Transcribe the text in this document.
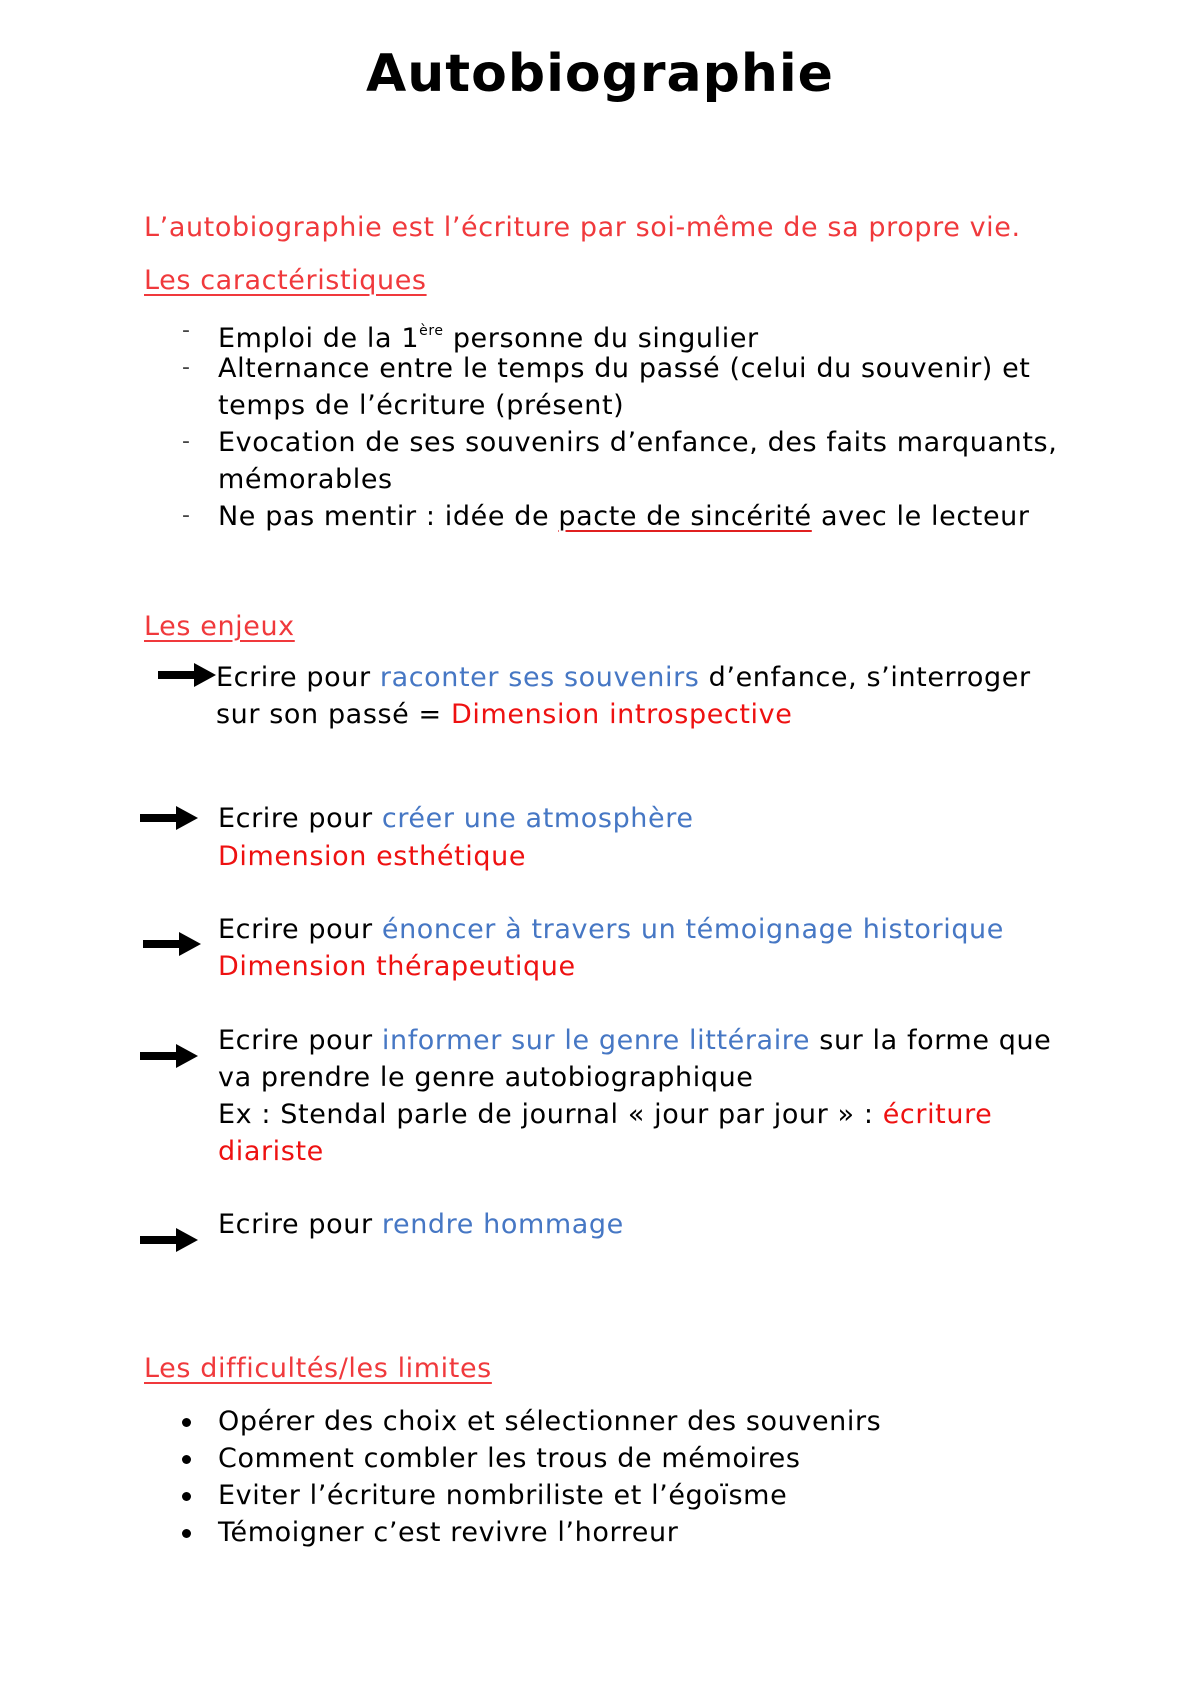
Autobiographie
L’autobiographie est l’écriture par soi-même de sa propre vie.
Les caractéristiques
- Emploi de la 1ère personne du singulier
- Alternance entre le temps du passé (celui du souvenir) et
temps de l’écriture (présent)
- Evocation de ses souvenirs d’enfance, des faits marquants,
mémorables
- Ne pas mentir : idée de pacte de sincérité avec le lecteur
Les enjeux
Ecrire pour raconter ses souvenirs d’enfance, s’interroger
sur son passé = Dimension introspective
Ecrire pour créer une atmosphère
Dimension esthétique
Ecrire pour énoncer à travers un témoignage historique
Dimension thérapeutique
Ecrire pour informer sur le genre littéraire sur la forme que
va prendre le genre autobiographique
Ex : Stendal parle de journal « jour par jour » : écriture
diariste
Ecrire pour rendre hommage
Les difficultés/les limites
Opérer des choix et sélectionner des souvenirs
Comment combler les trous de mémoires
Eviter l’écriture nombriliste et l’égoïsme
Témoigner c’est revivre l’horreur
